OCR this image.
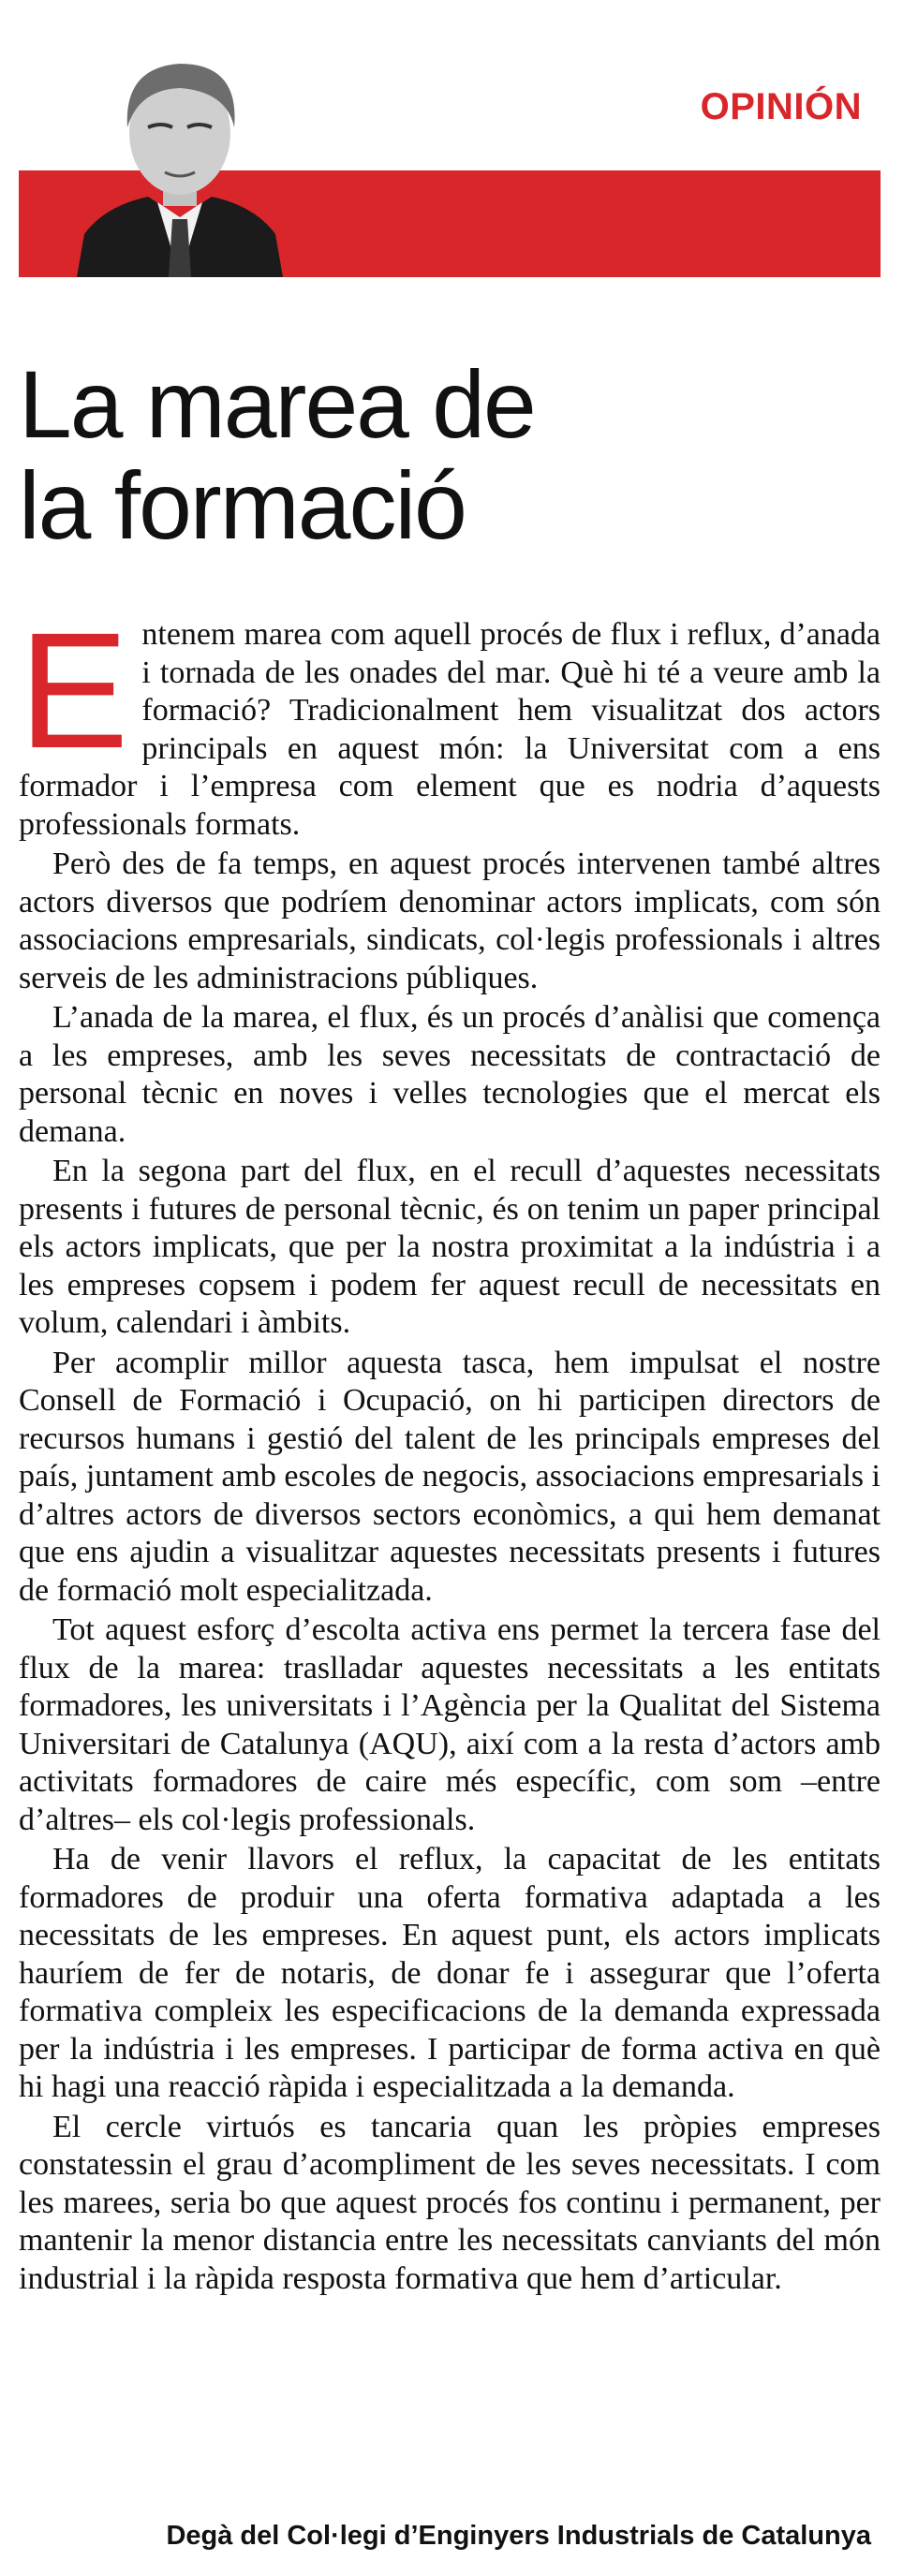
OPINIÓN
Josep Canós
La marea de
la formació

Entenem marea com aquell procés de flux i reflux, d’anada i tornada de les onades del mar. Què hi té a veure amb la formació? Tradicionalment hem visualitzat dos actors principals en aquest món: la Universitat com a ens formador i l’empresa com element que es nodria d’aquests professionals formats.

Però des de fa temps, en aquest procés intervenen també altres actors diversos que podríem denominar actors implicats, com són associacions empresarials, sindicats, col·legis professionals i altres serveis de les administracions públiques.

L’anada de la marea, el flux, és un procés d’anàlisi que comença a les empreses, amb les seves necessitats de contractació de personal tècnic en noves i velles tecnologies que el mercat els demana.

En la segona part del flux, en el recull d’aquestes necessitats presents i futures de personal tècnic, és on tenim un paper principal els actors implicats, que per la nostra proximitat a la indústria i a les empreses copsem i podem fer aquest recull de necessitats en volum, calendari i àmbits.

Per acomplir millor aquesta tasca, hem impulsat el nostre Consell de Formació i Ocupació, on hi participen directors de recursos humans i gestió del talent de les principals empreses del país, juntament amb escoles de negocis, associacions empresarials i d’altres actors de diversos sectors econòmics, a qui hem demanat que ens ajudin a visualitzar aquestes necessitats presents i futures de formació molt especialitzada.

Tot aquest esforç d’escolta activa ens permet la tercera fase del flux de la marea: traslladar aquestes necessitats a les entitats formadores, les universitats i l’Agència per la Qualitat del Sistema Universitari de Catalunya (AQU), així com a la resta d’actors amb activitats formadores de caire més específic, com som –entre d’altres– els col·legis professionals.

Ha de venir llavors el reflux, la capacitat de les entitats formadores de produir una oferta formativa adaptada a les necessitats de les empreses. En aquest punt, els actors implicats hauríem de fer de notaris, de donar fe i assegurar que l’oferta formativa compleix les especificacions de la demanda expressada per la indústria i les empreses. I participar de forma activa en què hi hagi una reacció ràpida i especialitzada a la demanda.

El cercle virtuós es tancaria quan les pròpies empreses constatessin el grau d’acompliment de les seves necessitats. I com les marees, seria bo que aquest procés fos continu i permanent, per mantenir la menor distancia entre les necessitats canviants del món industrial i la ràpida resposta formativa que hem d’articular.

Degà del Col·legi d’Enginyers Industrials de Catalunya
